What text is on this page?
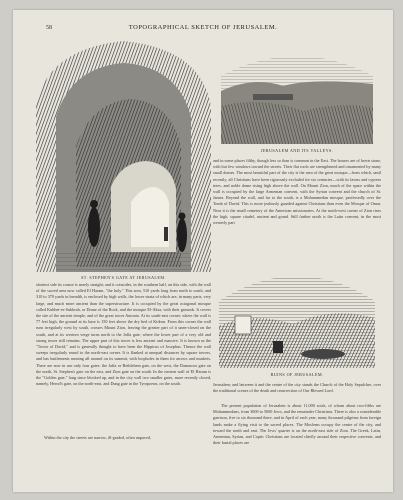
58	TOPOGRAPHICAL SKETCH OF JERUSALEM.
ST. STEPHEN'S GATE AT JERUSALEM.
JERUSALEM AND ITS VALLEYS.
and in some places filthy, though less so than is common in the East. The houses are of hewn stone, with but few windows toward the streets. Their flat roofs are strengthened and ornamented by many small domes. The most beautiful part of the city is the area of the great mosque—from which, until recently, all Christians have been rigorously excluded for six centuries—with its lawns and cypress trees, and noble dome rising high above the wall. On Mount Zion, much of the space within the wall is occupied by the large Armenian convent, with the Syrian convent and the church of St. James. Beyond the wall, and far to the south, is a Mohammedan mosque, professedly over the Tomb of David. This is more jealously guarded against Christians than even the Mosque of Omar. Near it is the small cemetery of the American missionaries. At the north-west corner of Zion rises the high, square citadel, ancient and grand. Still farther north is the Latin convent, in the most westerly part
RUINS OF JERUSALEM.
shortest side its course is nearly straight; and it coincides, in the southern half, on this side, with the wall of the sacred area now called El Haram, "the holy." This area, 510 yards long from north to south, and 310 to 370 yards in breadth, is enclosed by high walls, the lower strata of which are, in many parts, very large, and much more ancient than the superstructure. It is occupied by the great octagonal mosque called Kubbet-es-Sukhrah, or Dome of the Rock, and the mosque El-Aksa, with their grounds. It covers the site of the ancient temple, and of the great tower Antonia. At its south-east corner, where the wall is 77 feet high, the ground at its base is 150 feet above the dry bed of Kidron. From this corner the wall runs irregularly west by south, crosses Mount Zion, leaving the greater part of it unen-closed on the south, and at its western verge turns north to the Jaffa gate, where the lower part of a very old and strong tower still remains. The upper part of this tower is less ancient and massive. It is known as the "Tower of David," and is generally thought to have been the Hippicus of Josephus. Thence the wall sweeps irregularly round to the north-east corner. It is flanked at unequal distances by square towers, and has battlements running all around on its summit, with loopholes in them for arrows and muskets. There are now in use only four gates: the Jaffa or Bethlehem gate, on the west, the Damascus gate on the north, St. Stephen's gate on the east, and Zion gate on the south. In the eastern wall of El Haram is the "Golden gate," long since blocked up, and in the city wall two smaller gates, more recently closed, namely, Herod's gate, on the north-east, and Dung gate in the Tyropoeon, on the south.
Within the city the streets are narrow, ill-graded, often unpaved,
Jerusalem; and between it and the centre of the city stands the Church of the Holy Sepulchre, over the traditional scenes of the death and resurrection of Our Blessed Lord.
The present population of Jerusalem is about 11,000 souls, of whom about two-fifths are Mohammedans, from 3000 to 5000 Jews, and the remainder Christians. There is also a considerable garrison, five to six thousand there, and in April of each year, many thousand pilgrims from foreign lands make a flying visit to the sacred places. The Moslems occupy the centre of the city, and toward the north and east. The Jews' quarter is on the north-east side of Zion. The Greek, Latin, Armenian, Syrian, and Coptic Christians are located chiefly around their respective convents, and their burial places are
